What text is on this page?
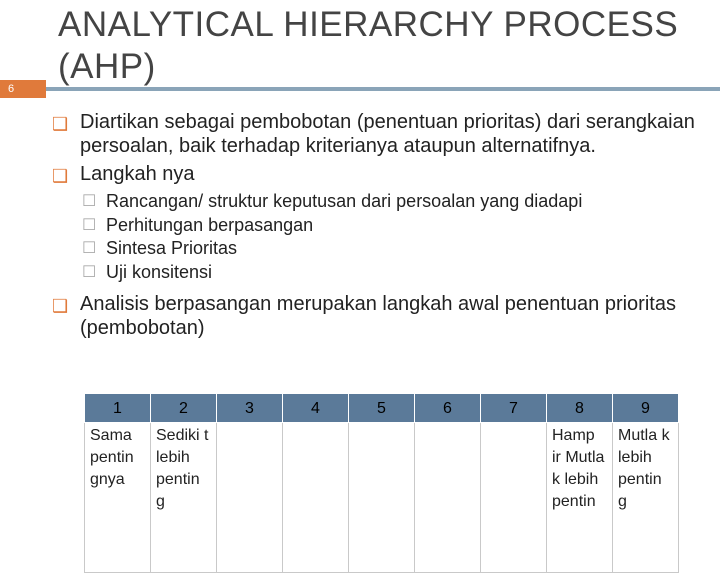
ANALYTICAL HIERARCHY PROCESS (AHP)
6
❑ Diartikan sebagai pembobotan (penentuan prioritas) dari serangkaian persoalan, baik terhadap kriterianya ataupun alternatifnya.
❑ Langkah nya
☐ Rancangan/ struktur keputusan dari persoalan yang diadapi
☐ Perhitungan berpasangan
☐ Sintesa Prioritas
☐ Uji konsitensi
❑ Analisis berpasangan merupakan langkah awal penentuan prioritas (pembobotan)
1	2	3	4	5	6	7	8	9
Sama pentin gnya	Sediki t lebih pentin g						Hamp ir Mutla k lebih pentin	Mutla k lebih pentin g
